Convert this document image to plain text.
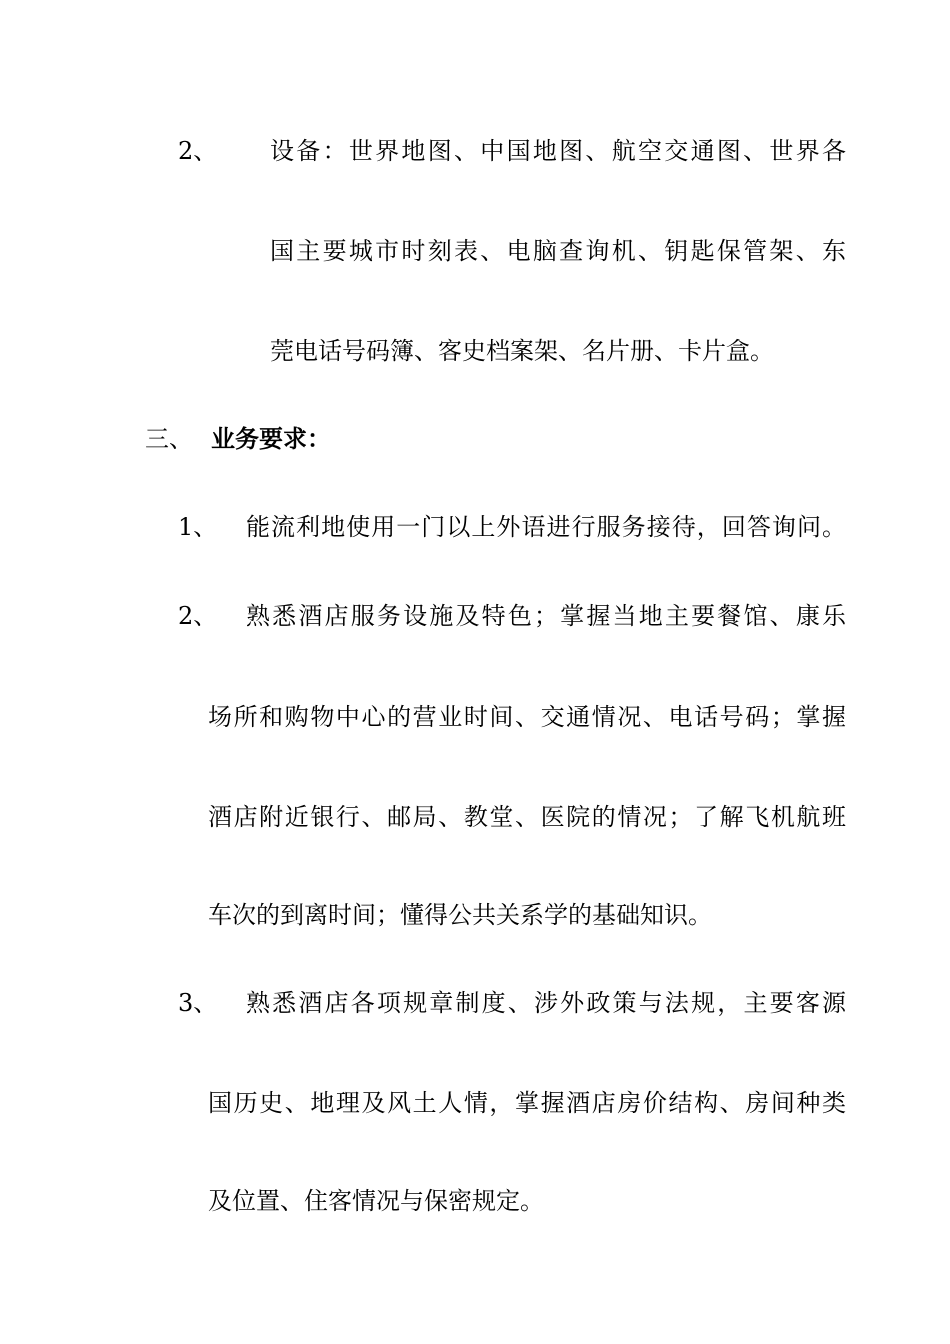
2、 设备：世界地图、中国地图、航空交通图、世界各
国主要城市时刻表、电脑查询机、钥匙保管架、东
莞电话号码簿、客史档案架、名片册、卡片盒。
三、 业务要求：
1、 能流利地使用一门以上外语进行服务接待，回答询问。
2、 熟悉酒店服务设施及特色；掌握当地主要餐馆、康乐
场所和购物中心的营业时间、交通情况、电话号码；掌握
酒店附近银行、邮局、教堂、医院的情况；了解飞机航班
车次的到离时间；懂得公共关系学的基础知识。
3、 熟悉酒店各项规章制度、涉外政策与法规，主要客源
国历史、地理及风土人情，掌握酒店房价结构、房间种类
及位置、住客情况与保密规定。
